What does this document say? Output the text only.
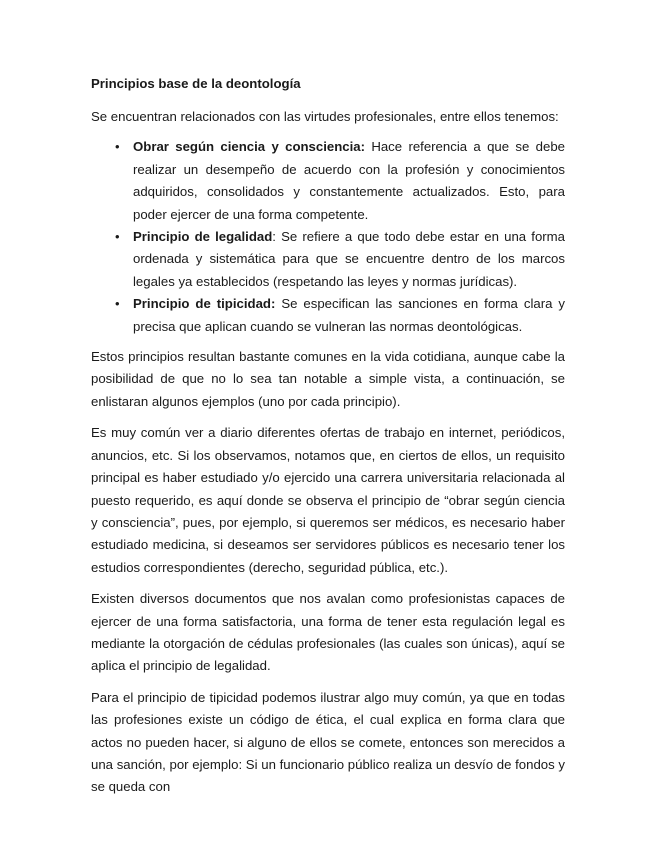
Principios base de la deontología

Se encuentran relacionados con las virtudes profesionales, entre ellos tenemos:

• Obrar según ciencia y consciencia: Hace referencia a que se debe realizar un desempeño de acuerdo con la profesión y conocimientos adquiridos, consolidados y constantemente actualizados. Esto, para poder ejercer de una forma competente.
• Principio de legalidad: Se refiere a que todo debe estar en una forma ordenada y sistemática para que se encuentre dentro de los marcos legales ya establecidos (respetando las leyes y normas jurídicas).
• Principio de tipicidad: Se especifican las sanciones en forma clara y precisa que aplican cuando se vulneran las normas deontológicas.

Estos principios resultan bastante comunes en la vida cotidiana, aunque cabe la posibilidad de que no lo sea tan notable a simple vista, a continuación, se enlistaran algunos ejemplos (uno por cada principio).

Es muy común ver a diario diferentes ofertas de trabajo en internet, periódicos, anuncios, etc. Si los observamos, notamos que, en ciertos de ellos, un requisito principal es haber estudiado y/o ejercido una carrera universitaria relacionada al puesto requerido, es aquí donde se observa el principio de “obrar según ciencia y consciencia”, pues, por ejemplo, si queremos ser médicos, es necesario haber estudiado medicina, si deseamos ser servidores públicos es necesario tener los estudios correspondientes (derecho, seguridad pública, etc.).

Existen diversos documentos que nos avalan como profesionistas capaces de ejercer de una forma satisfactoria, una forma de tener esta regulación legal es mediante la otorgación de cédulas profesionales (las cuales son únicas), aquí se aplica el principio de legalidad.

Para el principio de tipicidad podemos ilustrar algo muy común, ya que en todas las profesiones existe un código de ética, el cual explica en forma clara que actos no pueden hacer, si alguno de ellos se comete, entonces son merecidos a una sanción, por ejemplo: Si un funcionario público realiza un desvío de fondos y se queda con
